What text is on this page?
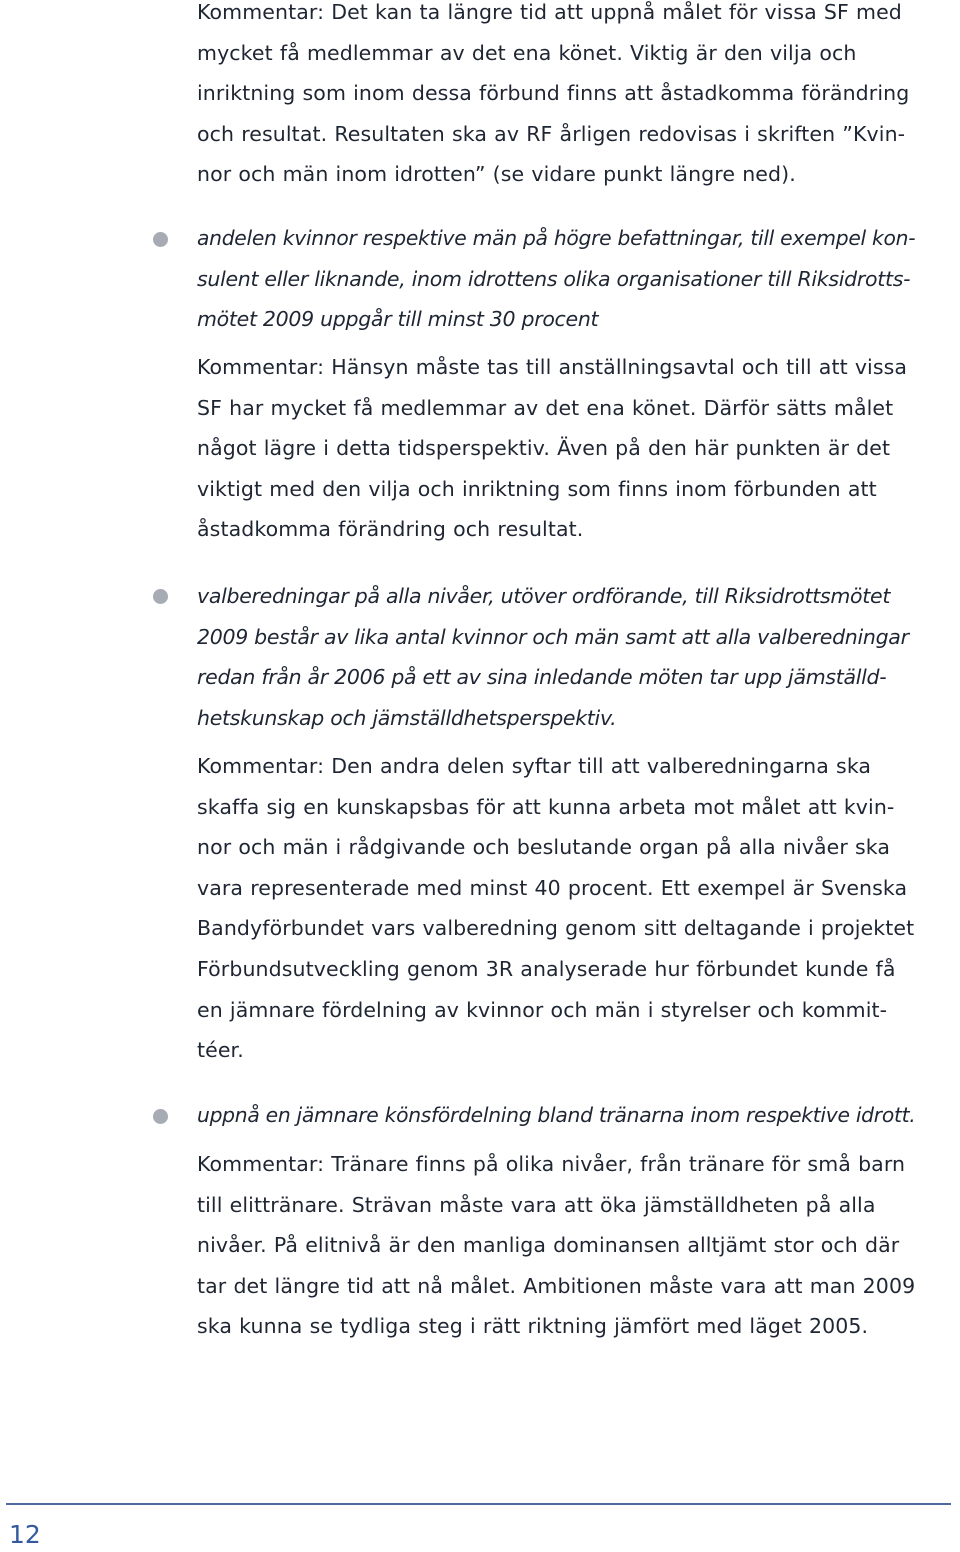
Kommentar: Det kan ta längre tid att uppnå målet för vissa SF med
mycket få medlemmar av det ena könet. Viktig är den vilja och
inriktning som inom dessa förbund finns att åstadkomma förändring
och resultat. Resultaten ska av RF årligen redovisas i skriften ”Kvin-
nor och män inom idrotten” (se vidare punkt längre ned).

andelen kvinnor respektive män på högre befattningar, till exempel kon-
sulent eller liknande, inom idrottens olika organisationer till Riksidrotts-
mötet 2009 uppgår till minst 30 procent

Kommentar: Hänsyn måste tas till anställningsavtal och till att vissa
SF har mycket få medlemmar av det ena könet. Därför sätts målet
något lägre i detta tidsperspektiv. Även på den här punkten är det
viktigt med den vilja och inriktning som finns inom förbunden att
åstadkomma förändring och resultat.

valberedningar på alla nivåer, utöver ordförande, till Riksidrottsmötet
2009 består av lika antal kvinnor och män samt att alla valberedningar
redan från år 2006 på ett av sina inledande möten tar upp jämställd-
hetskunskap och jämställdhetsperspektiv.

Kommentar: Den andra delen syftar till att valberedningarna ska
skaffa sig en kunskapsbas för att kunna arbeta mot målet att kvin-
nor och män i rådgivande och beslutande organ på alla nivåer ska
vara representerade med minst 40 procent. Ett exempel är Svenska
Bandyförbundet vars valberedning genom sitt deltagande i projektet
Förbundsutveckling genom 3R analyserade hur förbundet kunde få
en jämnare fördelning av kvinnor och män i styrelser och kommit-
téer.

uppnå en jämnare könsfördelning bland tränarna inom respektive idrott.

Kommentar: Tränare finns på olika nivåer, från tränare för små barn
till elittränare. Strävan måste vara att öka jämställdheten på alla
nivåer. På elitnivå är den manliga dominansen alltjämt stor och där
tar det längre tid att nå målet. Ambitionen måste vara att man 2009
ska kunna se tydliga steg i rätt riktning jämfört med läget 2005.

12
